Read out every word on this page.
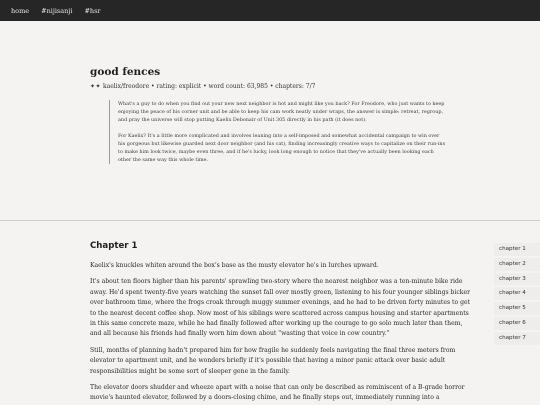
home #nijisanji #hsr
good fences
✦✦ kaelix/freodore • rating: explicit • word count: 63,985 • chapters: 7/7

What's a guy to do when you find out your new next neighbor is hot and might like you back? For Freodore, who just wants to keep enjoying the peace of his corner unit and be able to keep his cam work neatly under wraps, the answer is simple: retreat, regroup, and pray the universe will stop putting Kaelix Debonair of Unit 305 directly in his path (it does not).

For Kaelix? It's a little more complicated and involves leaning into a self-imposed and somewhat accidental campaign to win over his gorgeous but likewise guarded next door neighbor (and his cat), finding increasingly creative ways to capitalize on their run-ins to make him look twice, maybe even three, and if he's lucky, look long enough to notice that they've actually been looking each other the same way this whole time.

Chapter 1

Kaelix's knuckles whiten around the box's base as the musty elevator he's in lurches upward.

It's about ten floors higher than his parents' sprawling two-story where the nearest neighbor was a ten-minute bike ride away. He'd spent twenty-five years watching the sunset fall over mostly green, listening to his four younger siblings bicker over bathroom time, where the frogs croak through muggy summer evenings, and he had to be driven forty minutes to get to the nearest decent coffee shop. Now most of his siblings were scattered across campus housing and starter apartments in this same concrete maze, while he had finally followed after working up the courage to go solo much later than them, and all because his friends had finally worn him down about "wasting that voice in cow country."

Still, months of planning hadn't prepared him for how fragile he suddenly feels navigating the final three meters from elevator to apartment unit, and he wonders briefly if it's possible that having a minor panic attack over basic adult responsibilities might be some sort of sleeper gene in the family.

The elevator doors shudder and wheeze apart with a noise that can only be described as reminiscent of a B-grade horror movie's haunted elevator, followed by a doors-closing chime, and he finally steps out, immediately running into a

chapter 1
chapter 2
chapter 3
chapter 4
chapter 5
chapter 6
chapter 7
